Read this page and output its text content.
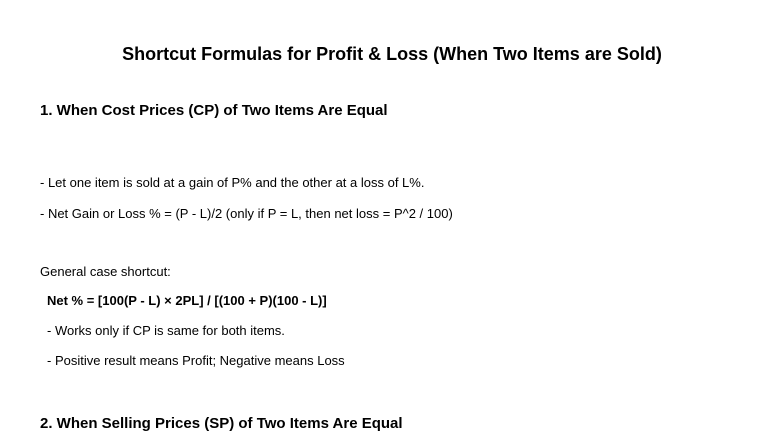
Shortcut Formulas for Profit & Loss (When Two Items are Sold)
1. When Cost Prices (CP) of Two Items Are Equal
- Let one item is sold at a gain of P% and the other at a loss of L%.
- Net Gain or Loss % = (P - L)/2 (only if P = L, then net loss = P^2 / 100)
General case shortcut:
Net % = [100(P - L) × 2PL] / [(100 + P)(100 - L)]
- Works only if CP is same for both items.
- Positive result means Profit; Negative means Loss
2. When Selling Prices (SP) of Two Items Are Equal
